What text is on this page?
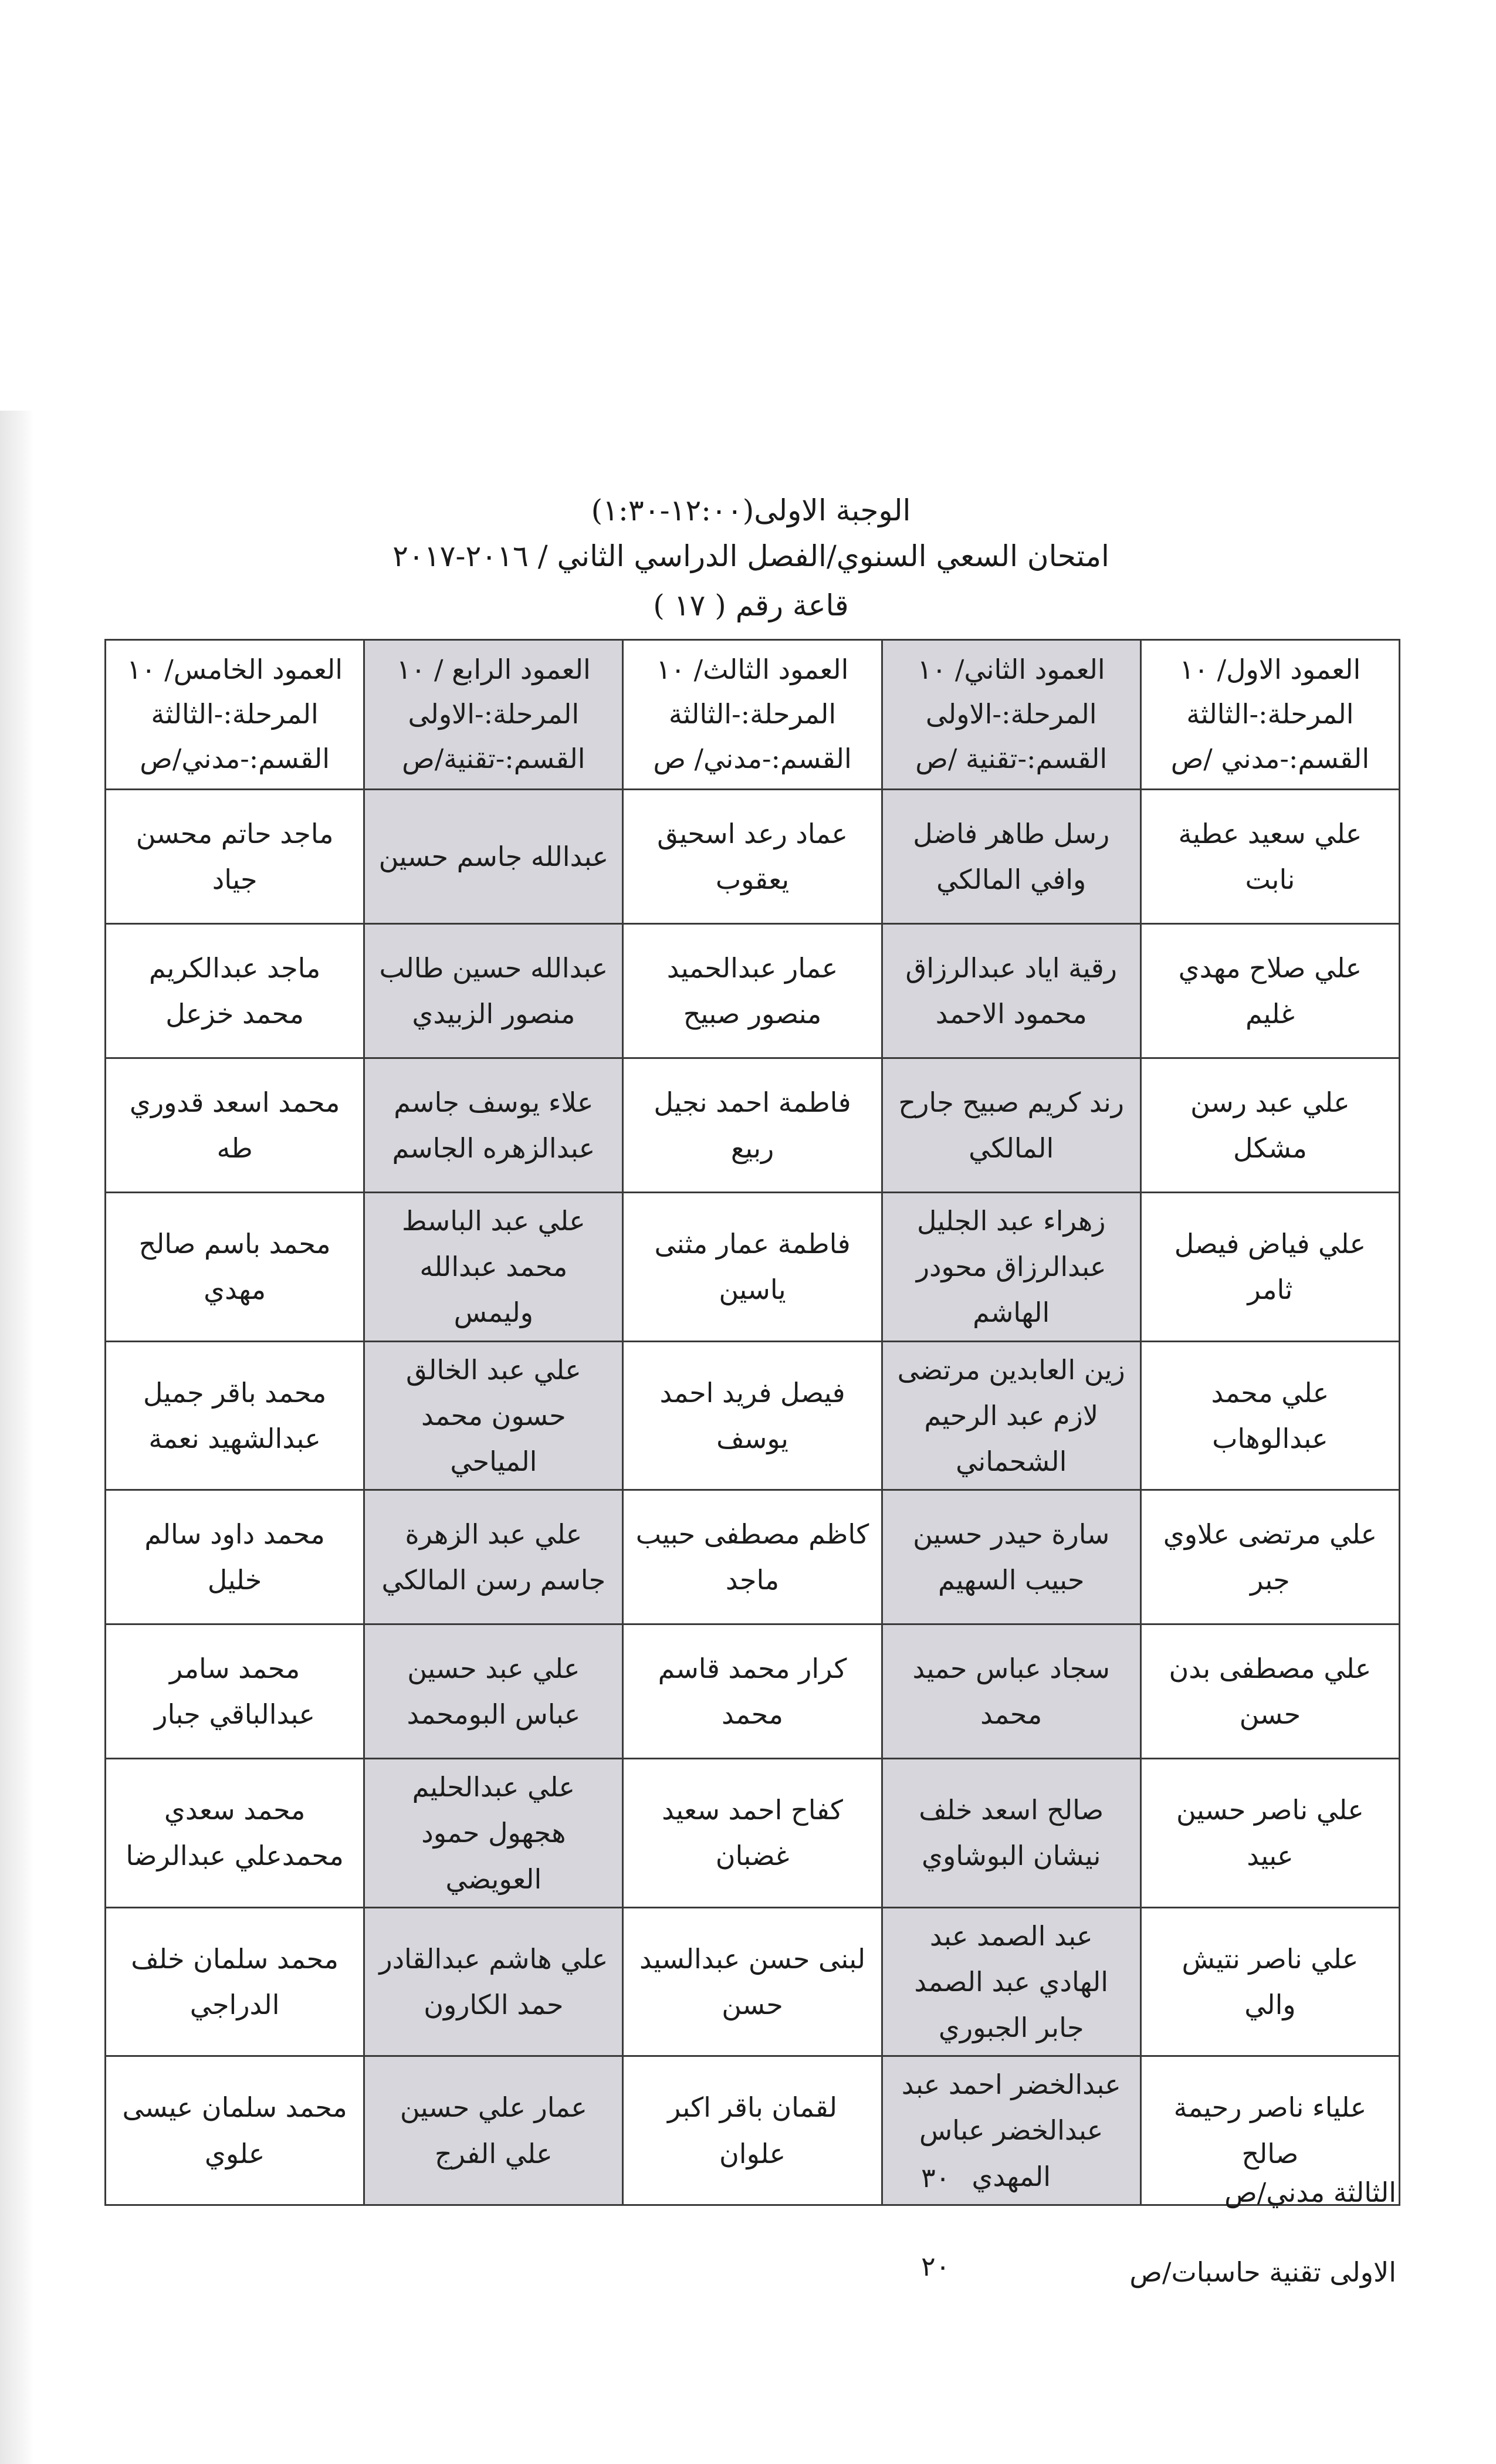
الوجبة الاولى(١٢:٠٠-١:٣٠)
امتحان السعي السنوي/الفصل الدراسي الثاني / ٢٠١٦-٢٠١٧
قاعة رقم ( ١٧ )
العمود الاول/ ١٠
المرحلة:-الثالثة
القسم:-مدني /ص	العمود الثاني/ ١٠
المرحلة:-الاولى
القسم:-تقنية /ص	العمود الثالث/ ١٠
المرحلة:-الثالثة
القسم:-مدني/ ص	العمود الرابع / ١٠
المرحلة:-الاولى
القسم:-تقنية/ص	العمود الخامس/ ١٠
المرحلة:-الثالثة
القسم:-مدني/ص

علي سعيد عطية نابت	رسل طاهر فاضل وافي المالكي	عماد رعد اسحيق يعقوب	عبدالله جاسم حسين	ماجد حاتم محسن جياد
علي صلاح مهدي غليم	رقية اياد عبدالرزاق محمود الاحمد	عمار عبدالحميد منصور صبيح	عبدالله حسين طالب منصور الزبيدي	ماجد عبدالكريم محمد خزعل
علي عبد رسن مشكل	رند كريم صبيح جارح المالكي	فاطمة احمد نجيل ربيع	علاء يوسف جاسم عبدالزهره الجاسم	محمد اسعد قدوري طه
علي فياض فيصل ثامر	زهراء عبد الجليل عبدالرزاق محودر الهاشم	فاطمة عمار مثنى ياسين	علي عبد الباسط محمد عبدالله وليمس	محمد باسم صالح مهدي
علي محمد عبدالوهاب	زين العابدين مرتضى لازم عبد الرحيم الشحماني	فيصل فريد احمد يوسف	علي عبد الخالق حسون محمد المياحي	محمد باقر جميل عبدالشهيد نعمة
علي مرتضى علاوي جبر	سارة حيدر حسين حبيب السهيم	كاظم مصطفى حبيب ماجد	علي عبد الزهرة جاسم رسن المالكي	محمد داود سالم خليل
علي مصطفى بدن حسن	سجاد عباس حميد محمد	كرار محمد قاسم محمد	علي عبد حسين عباس البومحمد	محمد سامر عبدالباقي جبار
علي ناصر حسين عبيد	صالح اسعد خلف نيشان البوشاوي	كفاح احمد سعيد غضبان	علي عبدالحليم هجهول حمود العويضي	محمد سعدي محمدعلي عبدالرضا
علي ناصر نتيش والي	عبد الصمد عبد الهادي عبد الصمد جابر الجبوري	لبنى حسن عبدالسيد حسن	علي هاشم عبدالقادر حمد الكارون	محمد سلمان خلف الدراجي
علياء ناصر رحيمة صالح	عبدالخضر احمد عبد عبدالخضر عباس المهدي	لقمان باقر اكبر علوان	عمار علي حسين علي الفرج	محمد سلمان عيسى علوي
الثالثة مدني/ص
٣٠
الاولى تقنية حاسبات/ص
٢٠
